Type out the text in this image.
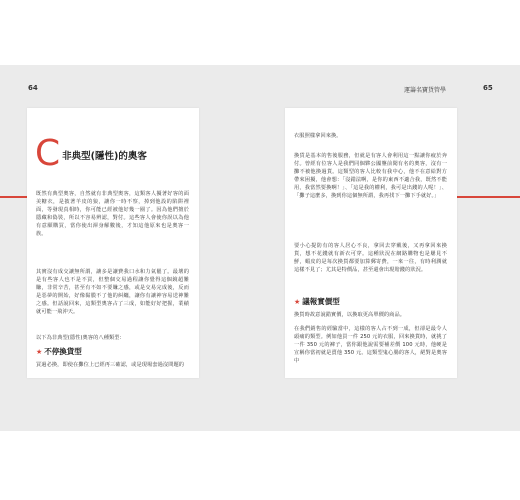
64	運籌名寶貨管學	65
C 非典型(隱性)的奧客

既然有典型奧客，自然就有非典型奧客，這類客人擾著好客的面美糖衣，是披著羊皮的狼，讓你一時不察，掉到他設的陷阱裡面，等發現真相時，你可能已經被他好幾一圈了。因為他們擅於隱藏和偽裝，所以不容易辨認，對付。這些客人會使你誤以為他有意願購買，當你使出渾身解數後，才知這他原來也是奧客一族。

其實沒有成交讓無所謂，讓多是讓費我口水和力氣罷了。最壞的是有些客人也不是不買，但整個交易過程讓你覺得這個鏡超難賺，非常辛苦，甚至有不如不要賺之感，或是交易完成後，反而是惡夢的開始，好像黏膜不了他的糾纏，讓你有讓神容易送神難之感。但話說回來，這類型奧客占了三成，如能好好把握，業績就可能一飛沖天。

以下為非典型(隱性)奧客的八種類型：

★ 不停換貨型

買過必換，即使在攤位上已經再三確認，或是現場套過沒問題的

衣服照樣拿回來換。

換貨是基本的售後服務，但就是有客人會利用這一點讓你疲於奔付。曾經有位客人是我們同個夥公國壟前聞有名的奧客，沒有一攤不被他換過貨。這類型的客人比較有我中心，他不在意給對方帶來困擾，他會想：「沒錯法啊，是你的東西不適合我，既然不能用，我當然要換啊！」、「這是我的權利，我可是出錢的人呢！」、「攤子這麼多，換到你這個無所謂，我再找下一攤下手就好。」

要小心提防有的客人居心不良，拿回去穿戴後，又再拿回來換貨，想不花錢就有新衣可穿。這種狀況在網路購物也是屢見不鮮，蝦皮的是每次換貨都要加算郵寄費，一來一往，有時利潤就這樣不見了；尤其是特價品，甚至還會出現賠錢的狀況。

★ 議報實價型

換貨時故意說錯實價，以換取更高單價的商品。

在我們銷售的經驗當中，這樣的客人占不到一成，但卻是最令人頭痛的類型。例如他買一件 250 元的衣服，回來換貨時，就挑了一件 350 元的褲子，當你跟他說需要補差價 100 元時，他硬是宣稱你當初就是賣他 350 元。這類型鬼心腸的客人，絕對是奧客中
